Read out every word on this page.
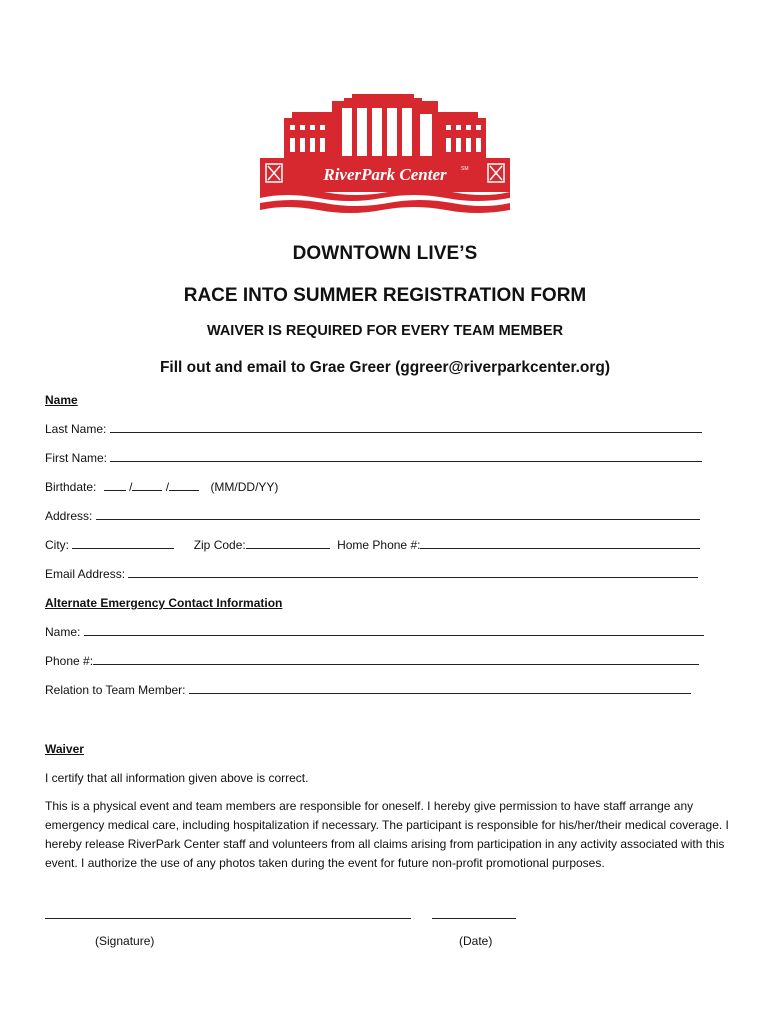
RiverPark Center	SM
DOWNTOWN LIVE’S
RACE INTO SUMMER REGISTRATION FORM
WAIVER IS REQUIRED FOR EVERY TEAM MEMBER
Fill out and email to Grae Greer (ggreer@riverparkcenter.org)
Name
Last Name:
First Name:
Birthdate:	/	/	(MM/DD/YY)
Address:
City:	Zip Code:	Home Phone #:
Email Address:
Alternate Emergency Contact Information
Name:
Phone #:
Relation to Team Member:
Waiver
I certify that all information given above is correct.
This is a physical event and team members are responsible for oneself. I hereby give permission to have staff arrange any emergency medical care, including hospitalization if necessary. The participant is responsible for his/her/their medical coverage. I hereby release RiverPark Center staff and volunteers from all claims arising from participation in any activity associated with this event. I authorize the use of any photos taken during the event for future non-profit promotional purposes.
(Signature)	(Date)
